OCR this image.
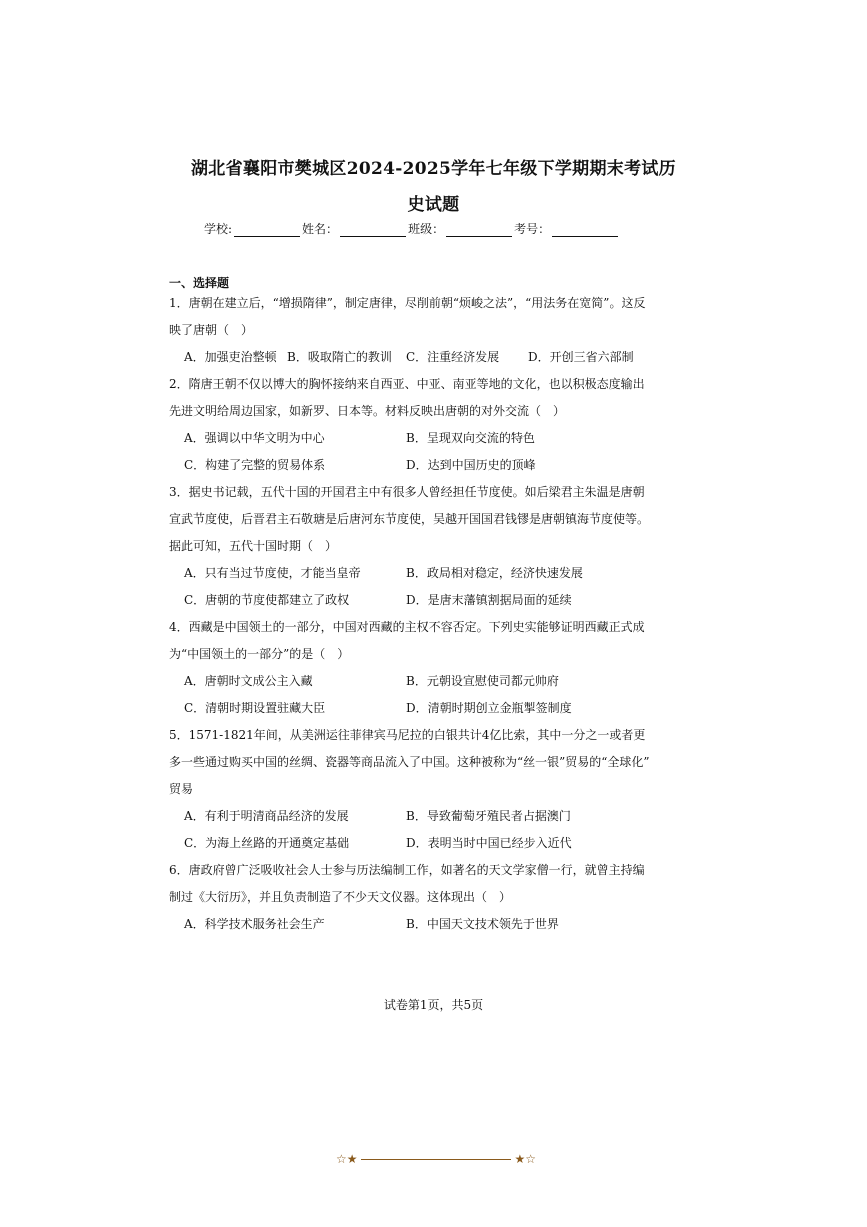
湖北省襄阳市樊城区2024-2025学年七年级下学期期末考试历
史试题
学校:	姓名：	班级：	考号：
一、选择题
1．唐朝在建立后，“增损隋律”，制定唐律，尽削前朝“烦峻之法”，“用法务在宽简”。这反
映了唐朝（　）
A．加强吏治整顿 B．吸取隋亡的教训 C．注重经济发展 D．开创三省六部制
2．隋唐王朝不仅以博大的胸怀接纳来自西亚、中亚、南亚等地的文化，也以积极态度输出
先进文明给周边国家，如新罗、日本等。材料反映出唐朝的对外交流（　）
A．强调以中华文明为中心	B．呈现双向交流的特色
C．构建了完整的贸易体系	D．达到中国历史的顶峰
3．据史书记载，五代十国的开国君主中有很多人曾经担任节度使。如后梁君主朱温是唐朝
宣武节度使，后晋君主石敬瑭是后唐河东节度使，吴越开国国君钱镠是唐朝镇海节度使等。
据此可知，五代十国时期（　）
A．只有当过节度使，才能当皇帝	B．政局相对稳定，经济快速发展
C．唐朝的节度使都建立了政权	D．是唐末藩镇割据局面的延续
4．西藏是中国领土的一部分，中国对西藏的主权不容否定。下列史实能够证明西藏正式成
为“中国领土的一部分”的是（　）
A．唐朝时文成公主入藏	B．元朝设宣慰使司都元帅府
C．清朝时期设置驻藏大臣	D．清朝时期创立金瓶掣签制度
5．1571-1821年间，从美洲运往菲律宾马尼拉的白银共计4亿比索，其中一分之一或者更
多一些通过购买中国的丝绸、瓷器等商品流入了中国。这种被称为“丝一银”贸易的“全球化”
贸易
A．有利于明清商品经济的发展	B．导致葡萄牙殖民者占据澳门
C．为海上丝路的开通奠定基础	D．表明当时中国已经步入近代
6．唐政府曾广泛吸收社会人士参与历法编制工作，如著名的天文学家僧一行，就曾主持编
制过《大衍历》，并且负责制造了不少天文仪器。这体现出（　）
A．科学技术服务社会生产	B．中国天文技术领先于世界
试卷第1页，共5页
☆★	★☆
